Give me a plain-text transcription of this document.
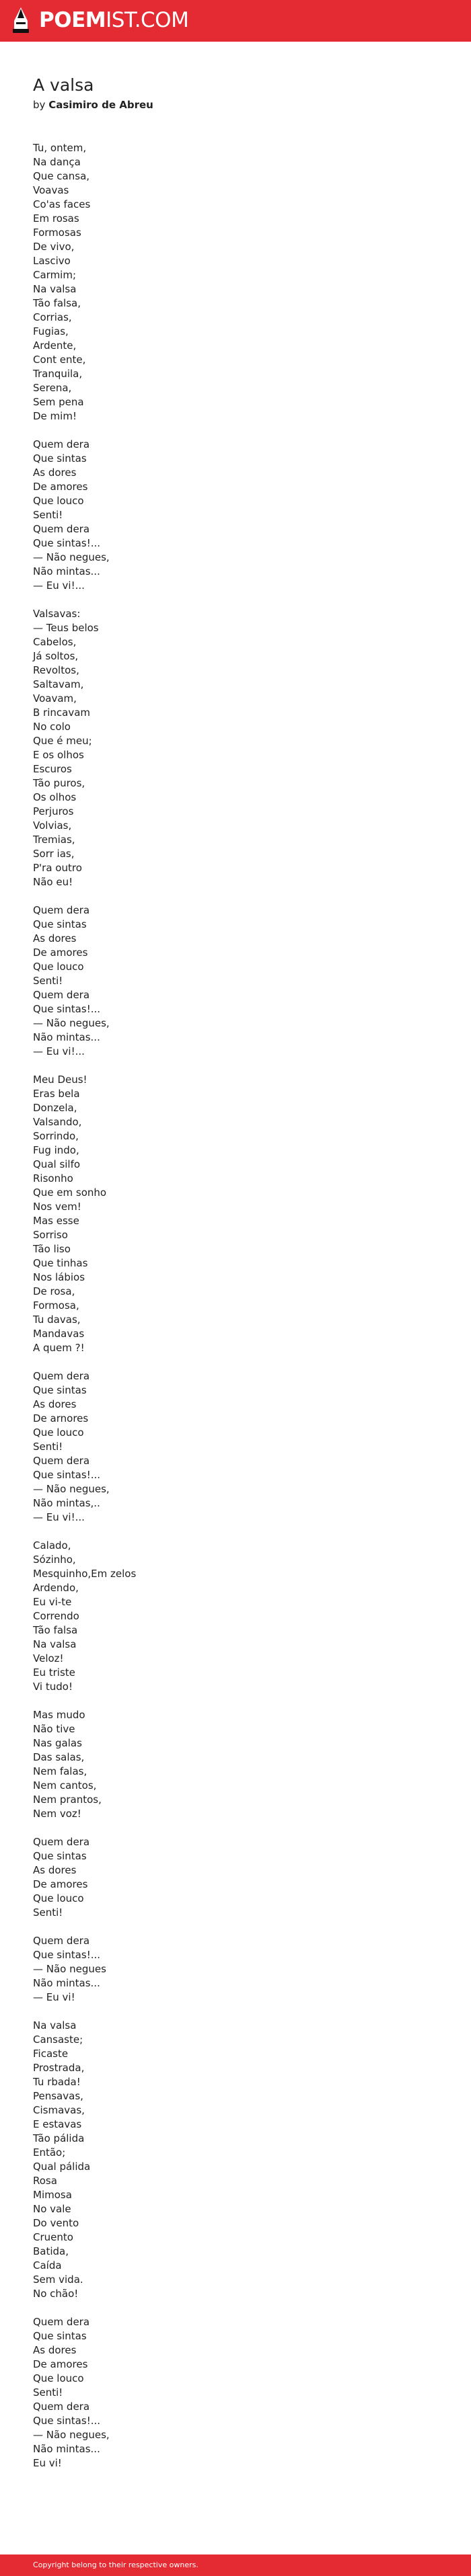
POEMIST.COM
A valsa
by Casimiro de Abreu
Tu, ontem,
Na dança
Que cansa,
Voavas
Co'as faces
Em rosas
Formosas
De vivo,
Lascivo
Carmim;
Na valsa
Tão falsa,
Corrias,
Fugias,
Ardente,
Cont ente,
Tranquila,
Serena,
Sem pena
De mim!
Quem dera
Que sintas
As dores
De amores
Que louco
Senti!
Quem dera
Que sintas!...
— Não negues,
Não mintas...
— Eu vi!...
Valsavas:
— Teus belos
Cabelos,
Já soltos,
Revoltos,
Saltavam,
Voavam,
B rincavam
No colo
Que é meu;
E os olhos
Escuros
Tão puros,
Os olhos
Perjuros
Volvias,
Tremias,
Sorr ias,
P'ra outro
Não eu!
Quem dera
Que sintas
As dores
De amores
Que louco
Senti!
Quem dera
Que sintas!...
— Não negues,
Não mintas...
— Eu vi!...
Meu Deus!
Eras bela
Donzela,
Valsando,
Sorrindo,
Fug indo,
Qual silfo
Risonho
Que em sonho
Nos vem!
Mas esse
Sorriso
Tão liso
Que tinhas
Nos lábios
De rosa,
Formosa,
Tu davas,
Mandavas
A quem ?!
Quem dera
Que sintas
As dores
De arnores
Que louco
Senti!
Quem dera
Que sintas!...
— Não negues,
Não mintas,..
— Eu vi!...
Calado,
Sózinho,
Mesquinho,Em zelos
Ardendo,
Eu vi-te
Correndo
Tão falsa
Na valsa
Veloz!
Eu triste
Vi tudo!
Mas mudo
Não tive
Nas galas
Das salas,
Nem falas,
Nem cantos,
Nem prantos,
Nem voz!
Quem dera
Que sintas
As dores
De amores
Que louco
Senti!
Quem dera
Que sintas!...
— Não negues
Não mintas...
— Eu vi!
Na valsa
Cansaste;
Ficaste
Prostrada,
Tu rbada!
Pensavas,
Cismavas,
E estavas
Tão pálida
Então;
Qual pálida
Rosa
Mimosa
No vale
Do vento
Cruento
Batida,
Caída
Sem vida.
No chão!
Quem dera
Que sintas
As dores
De amores
Que louco
Senti!
Quem dera
Que sintas!...
— Não negues,
Não mintas...
Eu vi!
Copyright belong to their respective owners.
